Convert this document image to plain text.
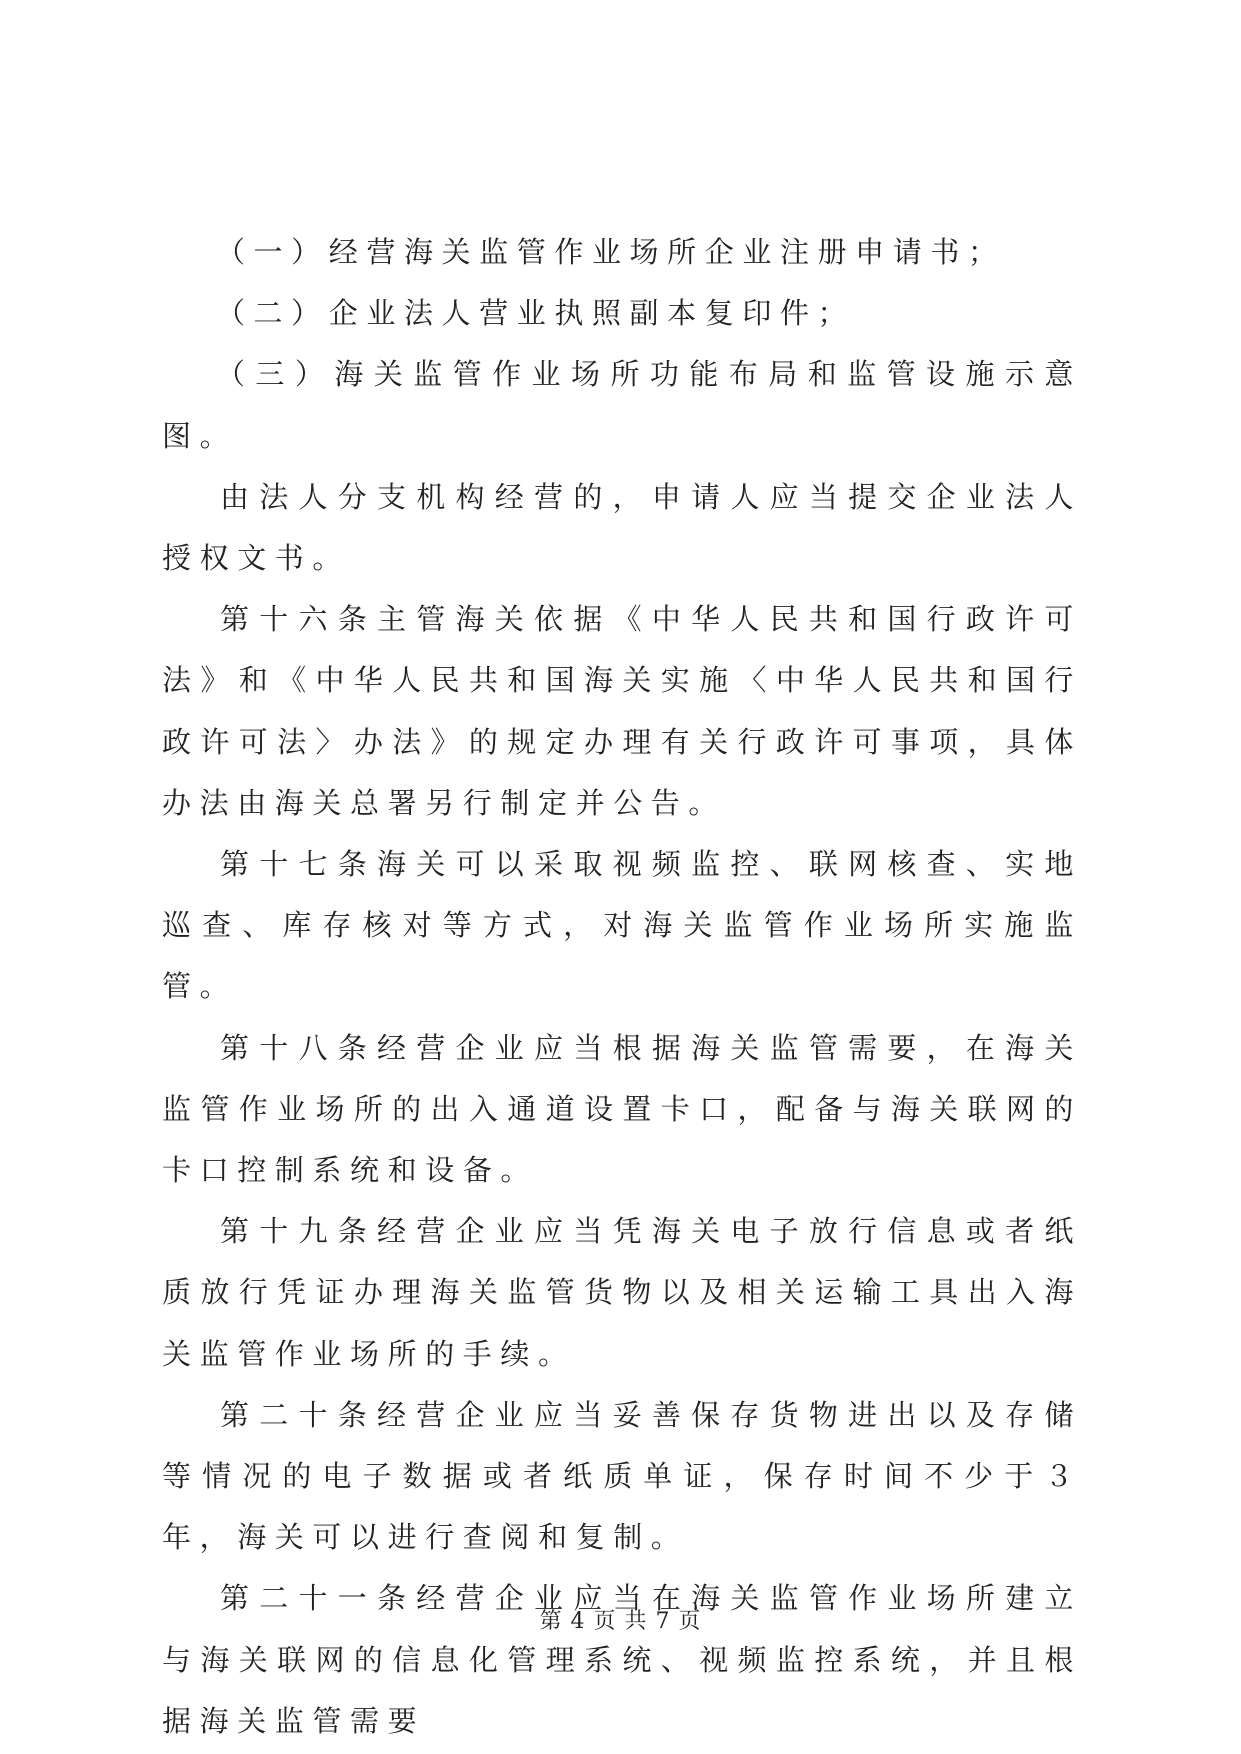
（一）经营海关监管作业场所企业注册申请书；

（二）企业法人营业执照副本复印件；

（三）海关监管作业场所功能布局和监管设施示意图。

由法人分支机构经营的，申请人应当提交企业法人授权文书。

第十六条主管海关依据《中华人民共和国行政许可法》和《中华人民共和国海关实施〈中华人民共和国行政许可法〉办法》的规定办理有关行政许可事项，具体办法由海关总署另行制定并公告。

第十七条海关可以采取视频监控、联网核查、实地巡查、库存核对等方式，对海关监管作业场所实施监管。

第十八条经营企业应当根据海关监管需要，在海关监管作业场所的出入通道设置卡口，配备与海关联网的卡口控制系统和设备。

第十九条经营企业应当凭海关电子放行信息或者纸质放行凭证办理海关监管货物以及相关运输工具出入海关监管作业场所的手续。

第二十条经营企业应当妥善保存货物进出以及存储等情况的电子数据或者纸质单证，保存时间不少于３年，海关可以进行查阅和复制。

第二十一条经营企业应当在海关监管作业场所建立与海关联网的信息化管理系统、视频监控系统，并且根据海关监管需要

第 4 页 共 7 页
